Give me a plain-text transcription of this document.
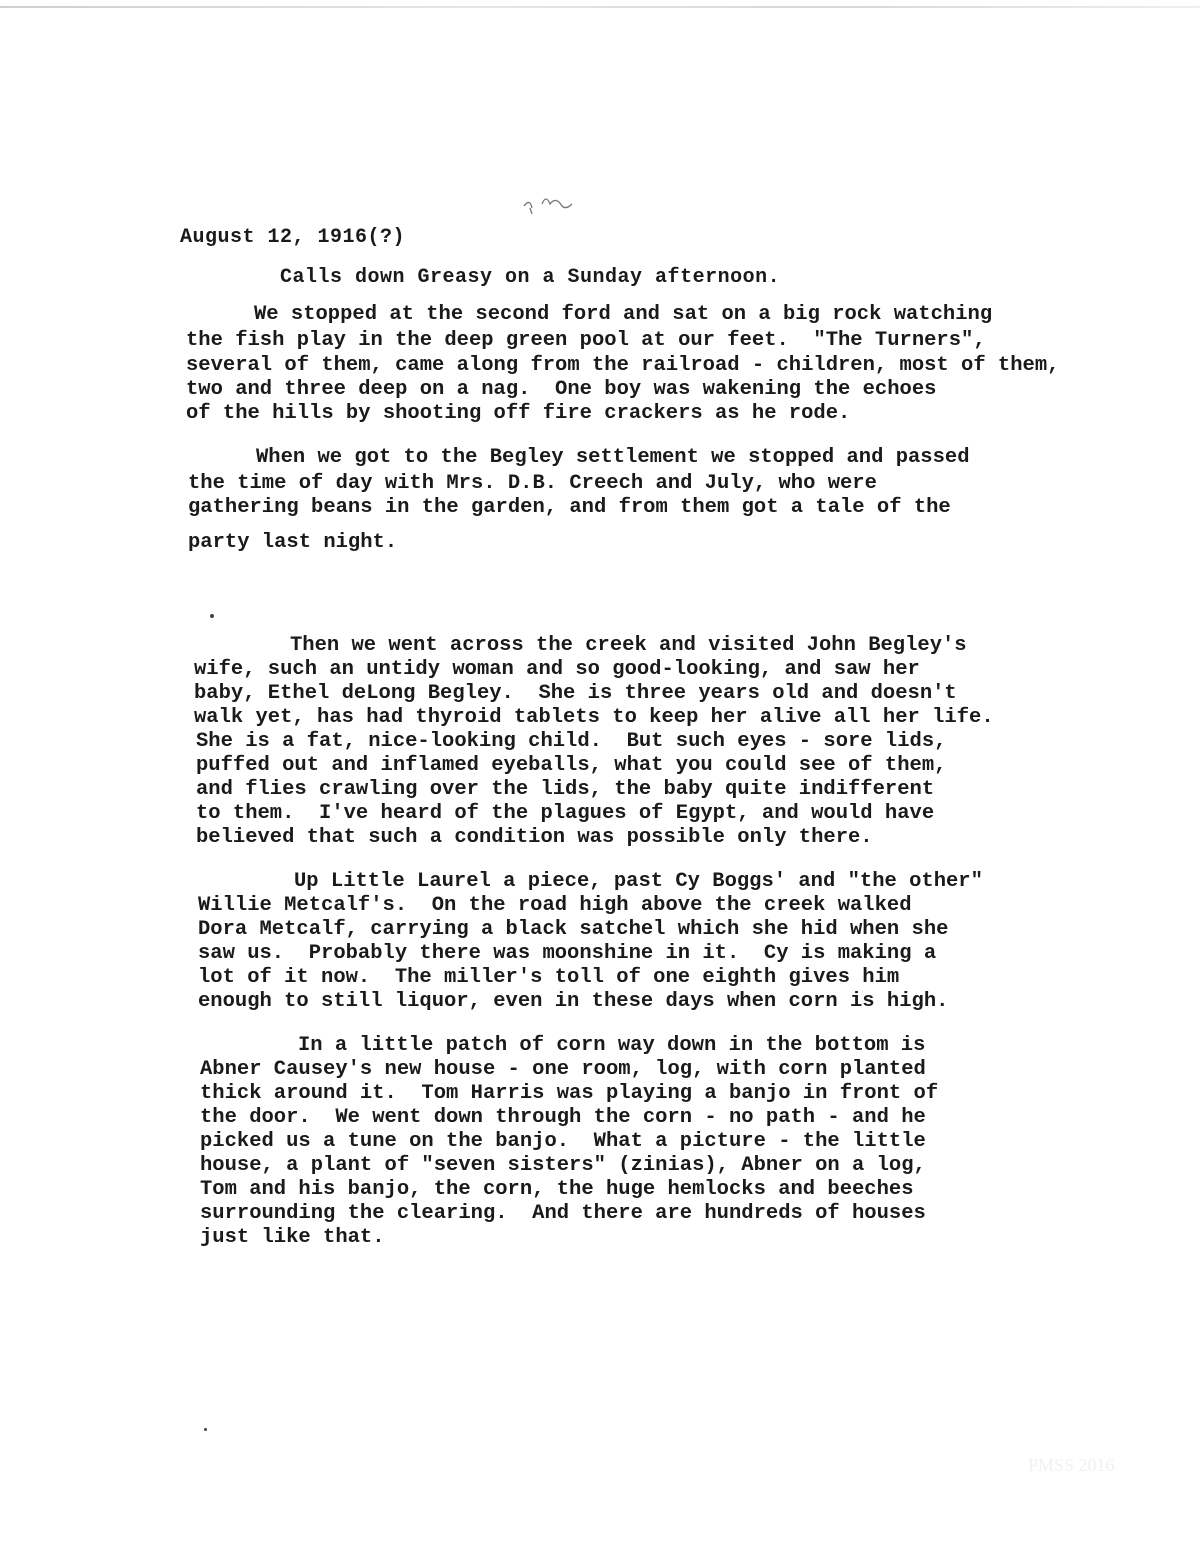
August 12, 1916(?)
Calls down Greasy on a Sunday afternoon.
We stopped at the second ford and sat on a big rock watching
the fish play in the deep green pool at our feet.  "The Turners",
several of them, came along from the railroad - children, most of them,
two and three deep on a nag.  One boy was wakening the echoes
of the hills by shooting off fire crackers as he rode.
When we got to the Begley settlement we stopped and passed
the time of day with Mrs. D.B. Creech and July, who were
gathering beans in the garden, and from them got a tale of the
party last night.
Then we went across the creek and visited John Begley's
wife, such an untidy woman and so good-looking, and saw her
baby, Ethel deLong Begley.  She is three years old and doesn't
walk yet, has had thyroid tablets to keep her alive all her life.
She is a fat, nice-looking child.  But such eyes - sore lids,
puffed out and inflamed eyeballs, what you could see of them,
and flies crawling over the lids, the baby quite indifferent
to them.  I've heard of the plagues of Egypt, and would have
believed that such a condition was possible only there.
Up Little Laurel a piece, past Cy Boggs' and "the other"
Willie Metcalf's.  On the road high above the creek walked
Dora Metcalf, carrying a black satchel which she hid when she
saw us.  Probably there was moonshine in it.  Cy is making a
lot of it now.  The miller's toll of one eighth gives him
enough to still liquor, even in these days when corn is high.
In a little patch of corn way down in the bottom is
Abner Causey's new house - one room, log, with corn planted
thick around it.  Tom Harris was playing a banjo in front of
the door.  We went down through the corn - no path - and he
picked us a tune on the banjo.  What a picture - the little
house, a plant of "seven sisters" (zinias), Abner on a log,
Tom and his banjo, the corn, the huge hemlocks and beeches
surrounding the clearing.  And there are hundreds of houses
just like that.
PMSS 2016
